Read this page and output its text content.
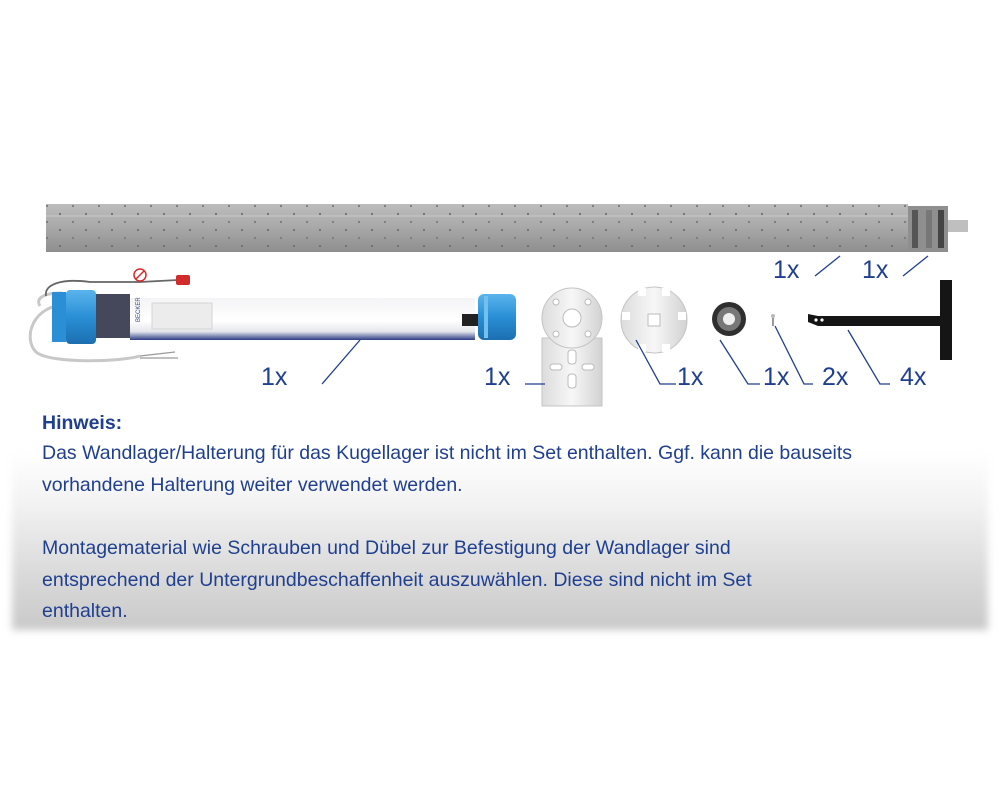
BECKER
1x	1x
1x	1x	1x 1x 2x 4x
Hinweis:

Das Wandlager/Halterung für das Kugellager ist nicht im Set enthalten. Ggf. kann die bauseits vorhandene Halterung weiter verwendet werden.

Montagematerial wie Schrauben und Dübel zur Befestigung der Wandlager sind entsprechend der Untergrundbeschaffenheit auszuwählen. Diese sind nicht im Set enthalten.
